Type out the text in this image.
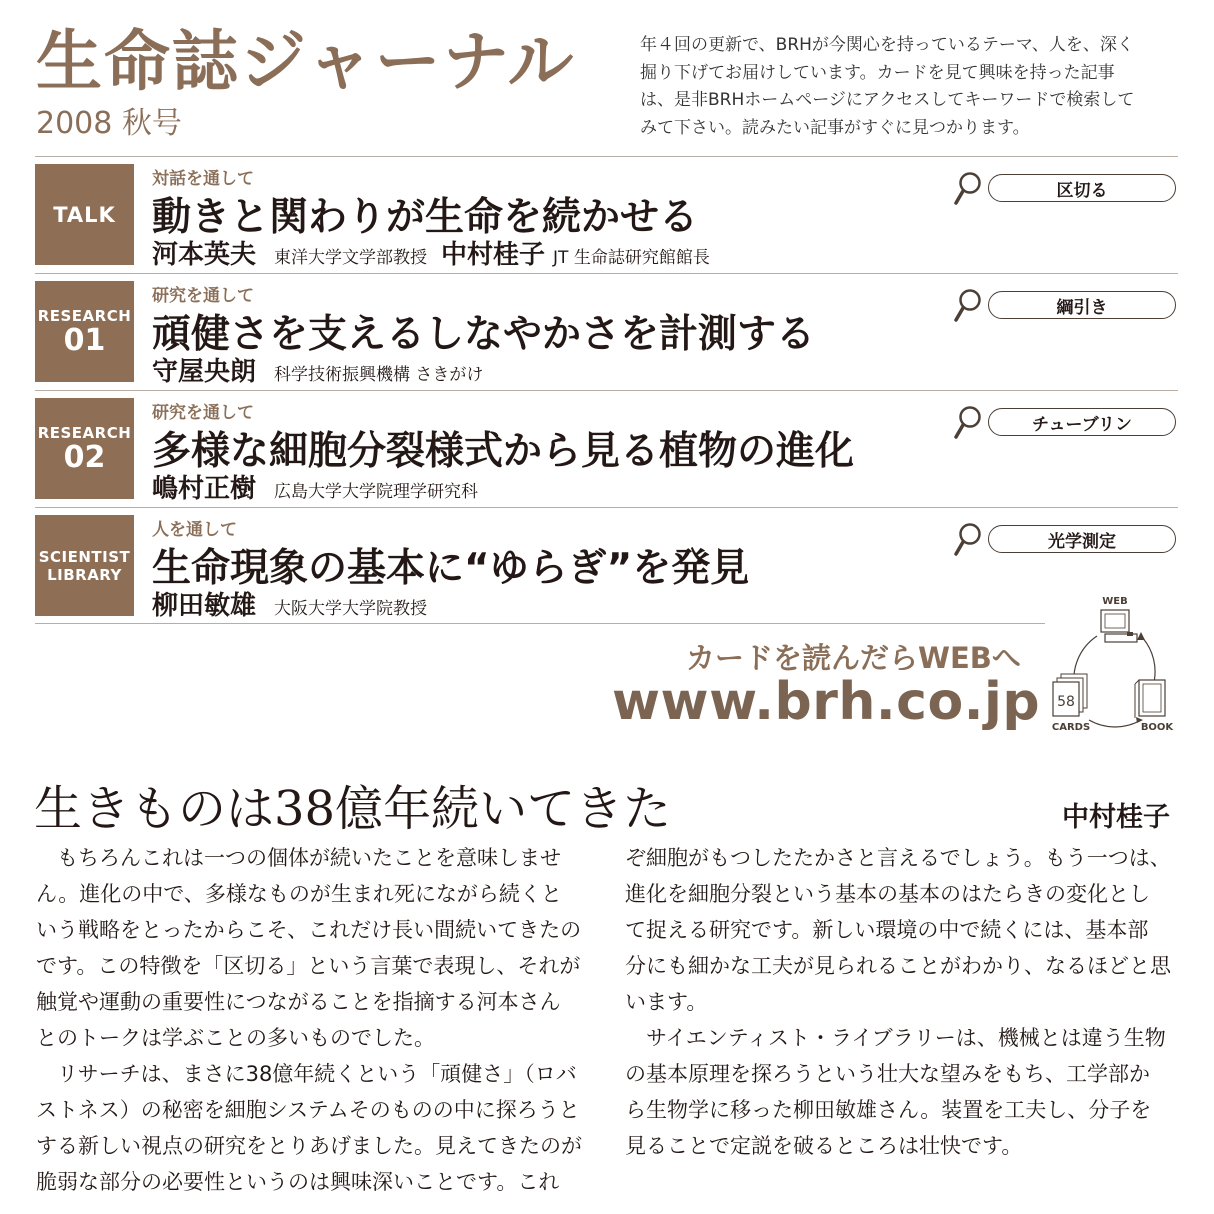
生命誌ジャーナル
2008 秋号
年４回の更新で、BRHが今関心を持っているテーマ、人を、深く
掘り下げてお届けしています。カードを見て興味を持った記事
は、是非BRHホームページにアクセスしてキーワードで検索して
みて下さい。読みたい記事がすぐに見つかります。
TALK
対話を通して
動きと関わりが生命を続かせる
河本英夫 東洋大学文学部教授 中村桂子 JT 生命誌研究館館長
区切る
RESEARCH
01
研究を通して
頑健さを支えるしなやかさを計測する
守屋央朗 科学技術振興機構 さきがけ
綱引き
RESEARCH
02
研究を通して
多様な細胞分裂様式から見る植物の進化
嶋村正樹 広島大学大学院理学研究科
チューブリン
SCIENTIST
LIBRARY
人を通して
生命現象の基本に“ゆらぎ”を発見
柳田敏雄 大阪大学大学院教授
光学測定
カードを読んだらWEBへ
www.brh.co.jp
WEB
58
CARDS	BOOK
生きものは38億年続いてきた	中村桂子
　もちろんこれは一つの個体が続いたことを意味しませ
ん。進化の中で、多様なものが生まれ死にながら続くと
いう戦略をとったからこそ、これだけ長い間続いてきたの
です。この特徴を「区切る」という言葉で表現し、それが
触覚や運動の重要性につながることを指摘する河本さん
とのトークは学ぶことの多いものでした。
　リサーチは、まさに38億年続くという「頑健さ」（ロバ
ストネス）の秘密を細胞システムそのものの中に探ろうと
する新しい視点の研究をとりあげました。見えてきたのが
脆弱な部分の必要性というのは興味深いことです。これ
ぞ細胞がもつしたたかさと言えるでしょう。もう一つは、
進化を細胞分裂という基本の基本のはたらきの変化とし
て捉える研究です。新しい環境の中で続くには、基本部
分にも細かな工夫が見られることがわかり、なるほどと思
います。
　サイエンティスト・ライブラリーは、機械とは違う生物
の基本原理を探ろうという壮大な望みをもち、工学部か
ら生物学に移った柳田敏雄さん。装置を工夫し、分子を
見ることで定説を破るところは壮快です。
